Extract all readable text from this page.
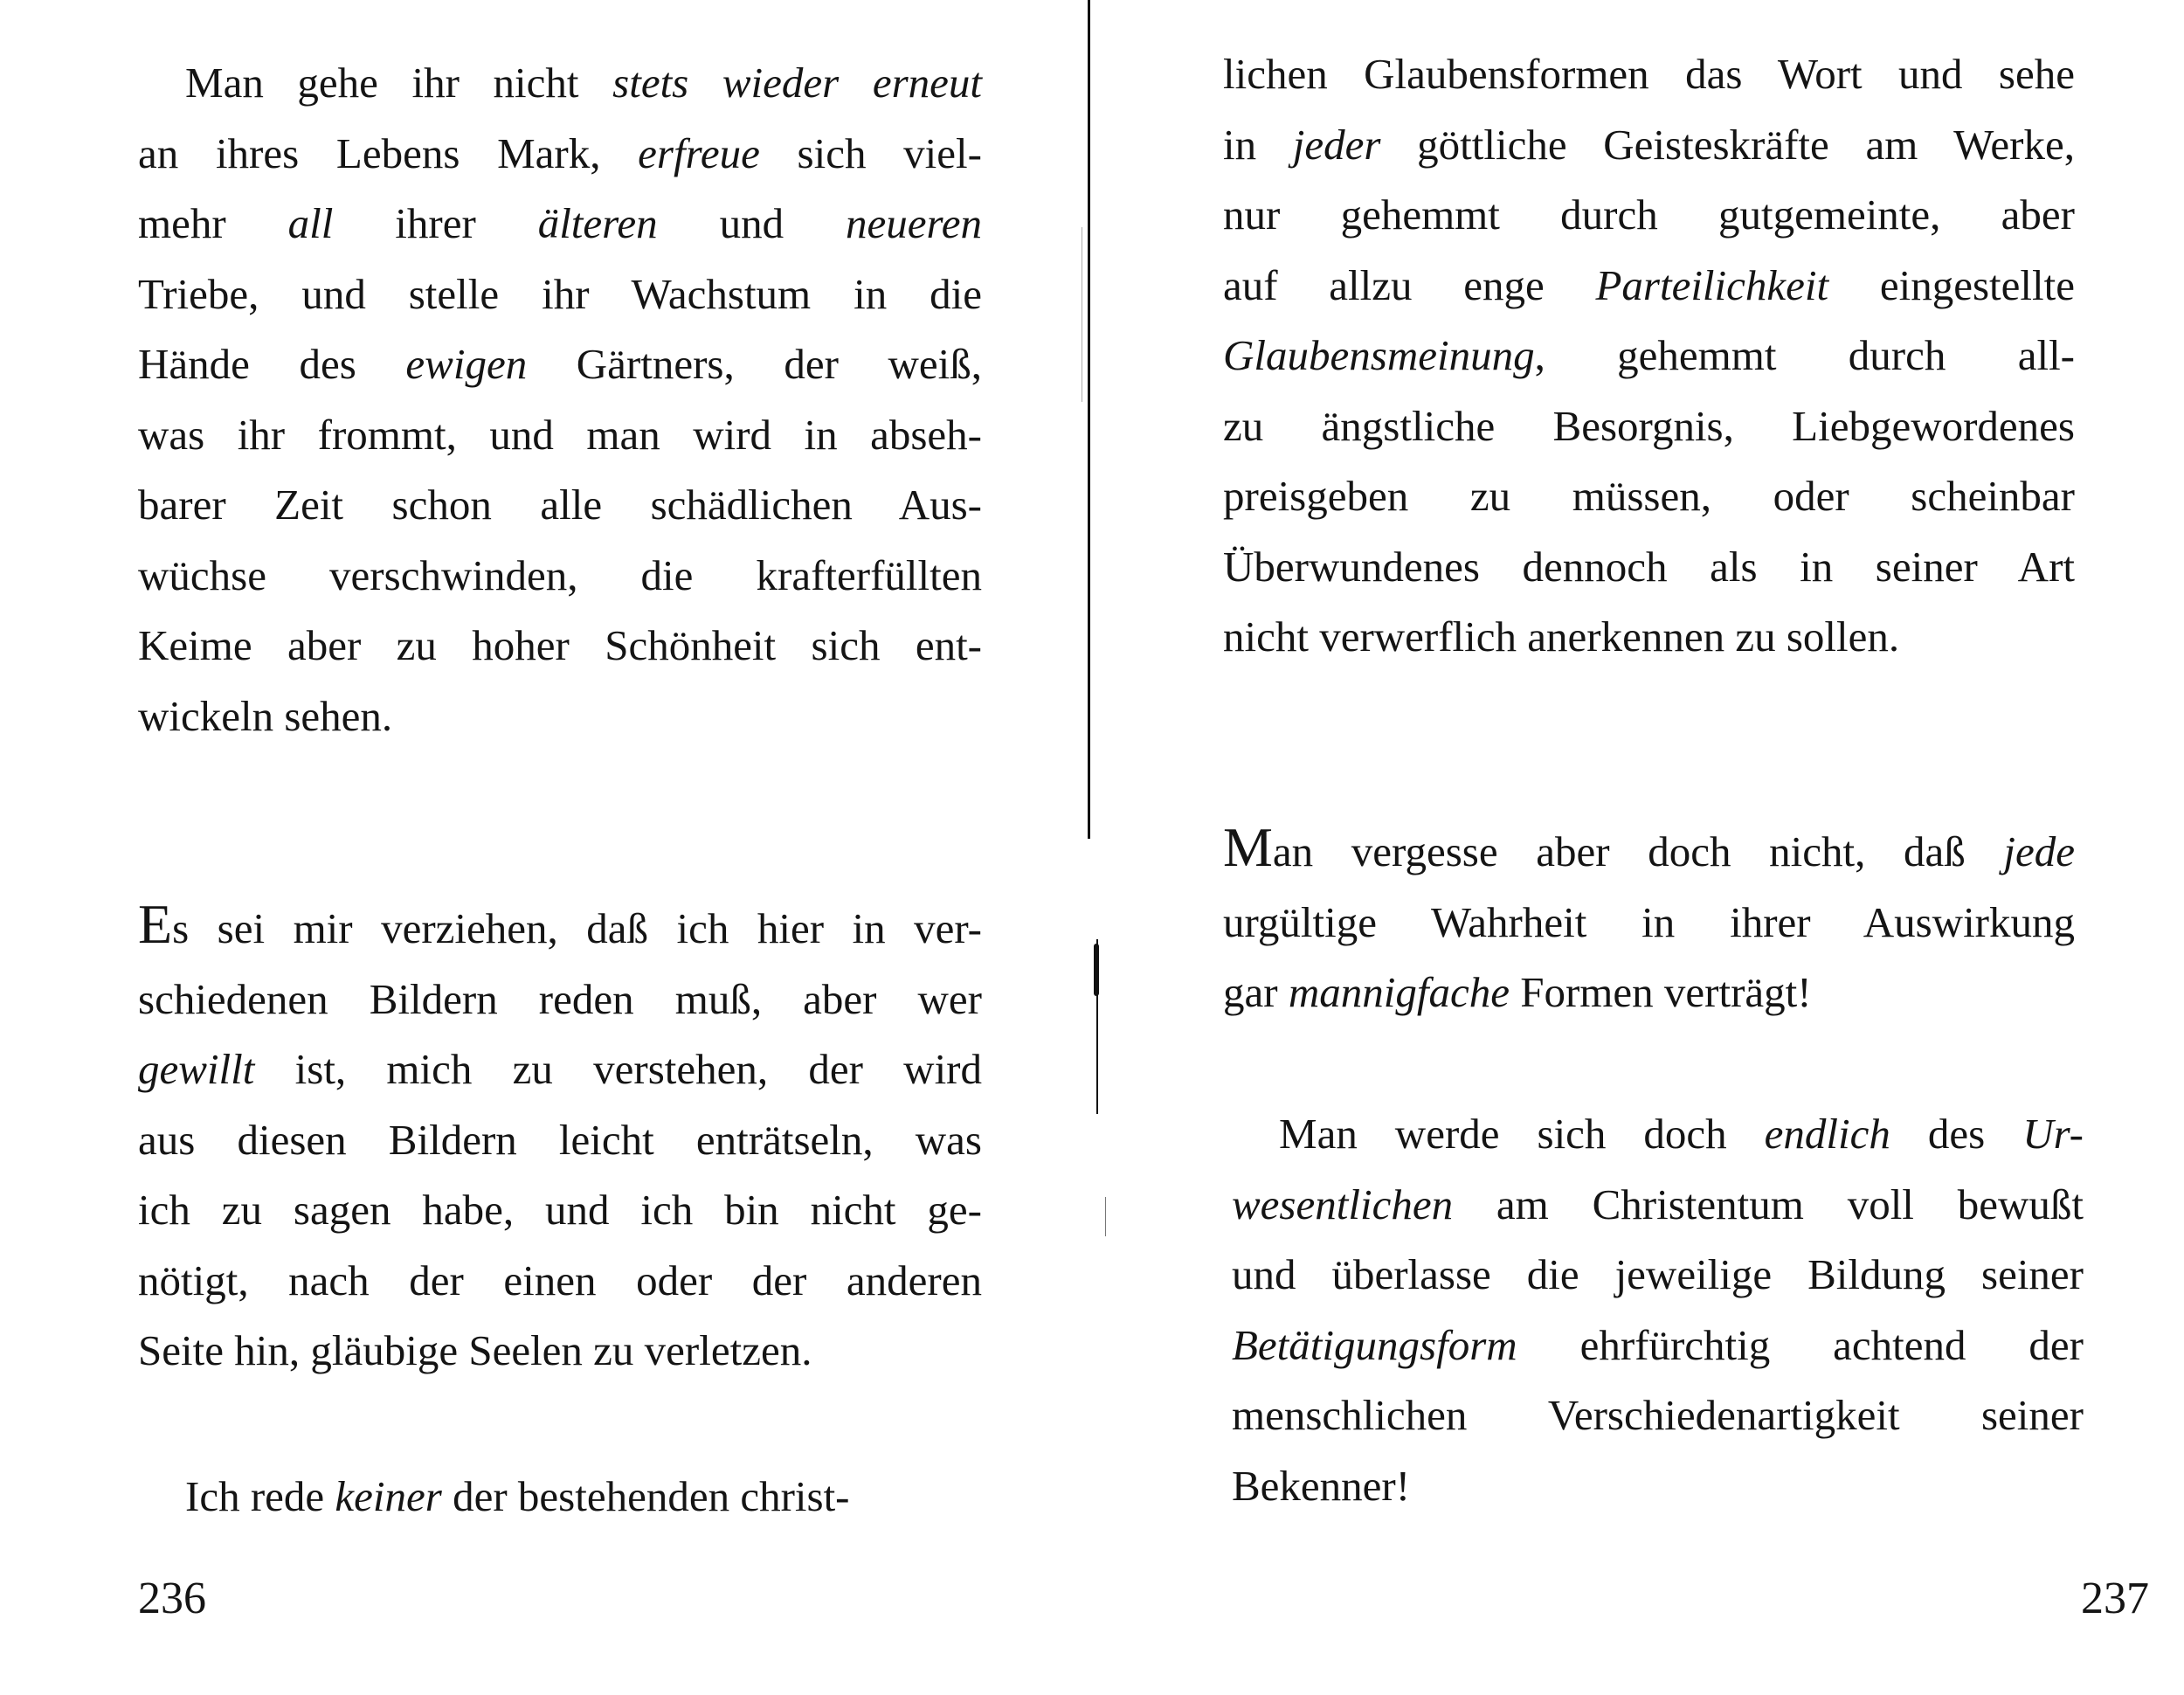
Man gehe ihr nicht stets wieder erneut
an ihres Lebens Mark, erfreue sich viel-
mehr all ihrer älteren und neueren
Triebe, und stelle ihr Wachstum in die
Hände des ewigen Gärtners, der weiß,
was ihr frommt, und man wird in abseh-
barer Zeit schon alle schädlichen Aus-
wüchse verschwinden, die krafterfüllten
Keime aber zu hoher Schönheit sich ent-
wickeln sehen.
Es sei mir verziehen, daß ich hier in ver-
schiedenen Bildern reden muß, aber wer
gewillt ist, mich zu verstehen, der wird
aus diesen Bildern leicht enträtseln, was
ich zu sagen habe, und ich bin nicht ge-
nötigt, nach der einen oder der anderen
Seite hin, gläubige Seelen zu verletzen.
Ich rede keiner der bestehenden christ-
236
lichen Glaubensformen das Wort und sehe
in jeder göttliche Geisteskräfte am Werke,
nur gehemmt durch gutgemeinte, aber
auf allzu enge Parteilichkeit eingestellte
Glaubensmeinung, gehemmt durch all-
zu ängstliche Besorgnis, Liebgewordenes
preisgeben zu müssen, oder scheinbar
Überwundenes dennoch als in seiner Art
nicht verwerflich anerkennen zu sollen.
Man vergesse aber doch nicht, daß jede
urgültige Wahrheit in ihrer Auswirkung
gar mannigfache Formen verträgt!
Man werde sich doch endlich des Ur-
wesentlichen am Christentum voll bewußt
und überlasse die jeweilige Bildung seiner
Betätigungsform ehrfürchtig achtend der
menschlichen Verschiedenartigkeit seiner
Bekenner!
237
